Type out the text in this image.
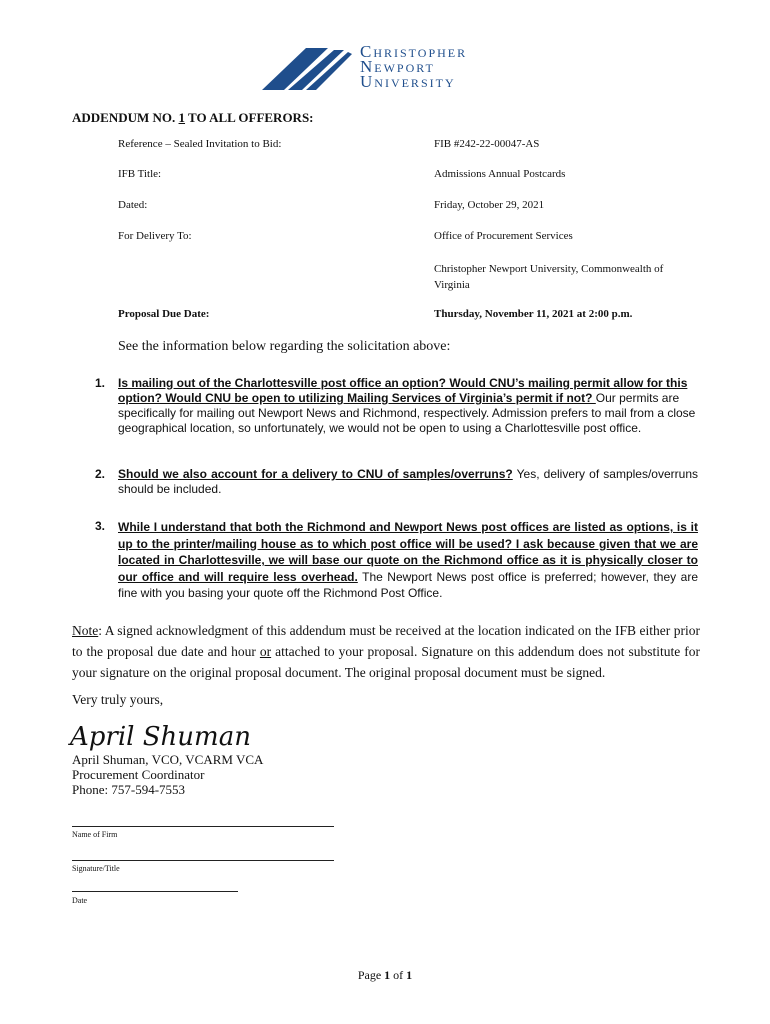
Christopher
Newport
University
ADDENDUM NO. 1 TO ALL OFFERORS:
Reference – Sealed Invitation to Bid:	FIB #242-22-00047-AS
IFB Title:	Admissions Annual Postcards
Dated:	Friday, October 29, 2021
For Delivery To:	Office of Procurement Services
Christopher Newport University, Commonwealth of Virginia
Proposal Due Date:	Thursday, November 11, 2021 at 2:00 p.m.
See the information below regarding the solicitation above:
1. Is mailing out of the Charlottesville post office an option? Would CNU’s mailing permit allow for this option? Would CNU be open to utilizing Mailing Services of Virginia’s permit if not? Our permits are specifically for mailing out Newport News and Richmond, respectively. Admission prefers to mail from a close geographical location, so unfortunately, we would not be open to using a Charlottesville post office.
2. Should we also account for a delivery to CNU of samples/overruns? Yes, delivery of samples/overruns should be included.
3. While I understand that both the Richmond and Newport News post offices are listed as options, is it up to the printer/mailing house as to which post office will be used? I ask because given that we are located in Charlottesville, we will base our quote on the Richmond office as it is physically closer to our office and will require less overhead. The Newport News post office is preferred; however, they are fine with you basing your quote off the Richmond Post Office.
Note: A signed acknowledgment of this addendum must be received at the location indicated on the IFB either prior to the proposal due date and hour or attached to your proposal. Signature on this addendum does not substitute for your signature on the original proposal document. The original proposal document must be signed.
Very truly yours,
April Shuman
April Shuman, VCO, VCARM VCA
Procurement Coordinator
Phone: 757-594-7553
Name of Firm
Signature/Title
Date
Page 1 of 1
